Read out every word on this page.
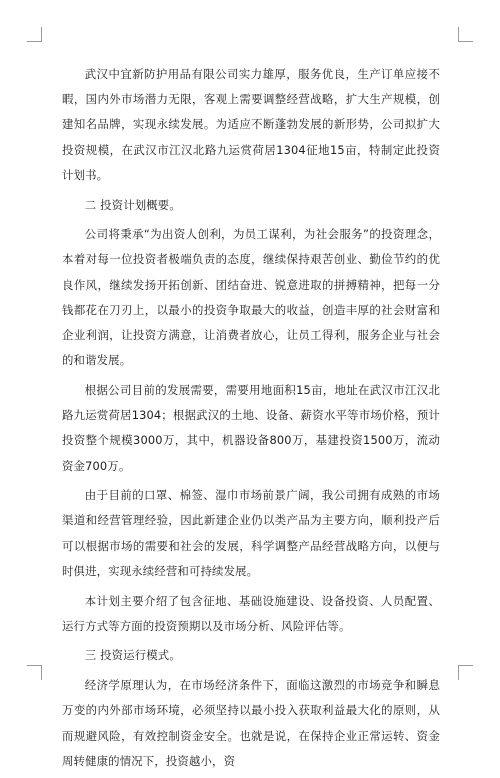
武汉中宜新防护用品有限公司实力雄厚，服务优良，生产订单应接不暇，国内外市场潜力无限，客观上需要调整经营战略，扩大生产规模，创建知名品牌，实现永续发展。为适应不断蓬勃发展的新形势，公司拟扩大投资规模，在武汉市江汉北路九运赏荷居1304征地15亩，特制定此投资计划书。

二 投资计划概要。

公司将秉承“为出资人创利，为员工谋利，为社会服务”的投资理念，本着对每一位投资者极端负责的态度，继续保持艰苦创业、勤俭节约的优良作风，继续发扬开拓创新、团结奋进、锐意进取的拼搏精神，把每一分钱都花在刀刃上，以最小的投资争取最大的收益，创造丰厚的社会财富和企业利润，让投资方满意，让消费者放心，让员工得利，服务企业与社会的和谐发展。

根据公司目前的发展需要，需要用地面积15亩，地址在武汉市江汉北路九运赏荷居1304；根据武汉的土地、设备、薪资水平等市场价格，预计投资整个规模3000万，其中，机器设备800万，基建投资1500万，流动资金700万。

由于目前的口罩、棉签、湿巾市场前景广阔，我公司拥有成熟的市场渠道和经营管理经验，因此新建企业仍以类产品为主要方向，顺利投产后可以根据市场的需要和社会的发展，科学调整产品经营战略方向，以便与时俱进，实现永续经营和可持续发展。

本计划主要介绍了包含征地、基础设施建设、设备投资、人员配置、运行方式等方面的投资预期以及市场分析、风险评估等。

三 投资运行模式。

经济学原理认为，在市场经济条件下，面临这激烈的市场竞争和瞬息万变的内外部市场环境，必须坚持以最小投入获取利益最大化的原则，从而规避风险，有效控制资金安全。也就是说，在保持企业正常运转、资金周转健康的情况下，投资越小，资
